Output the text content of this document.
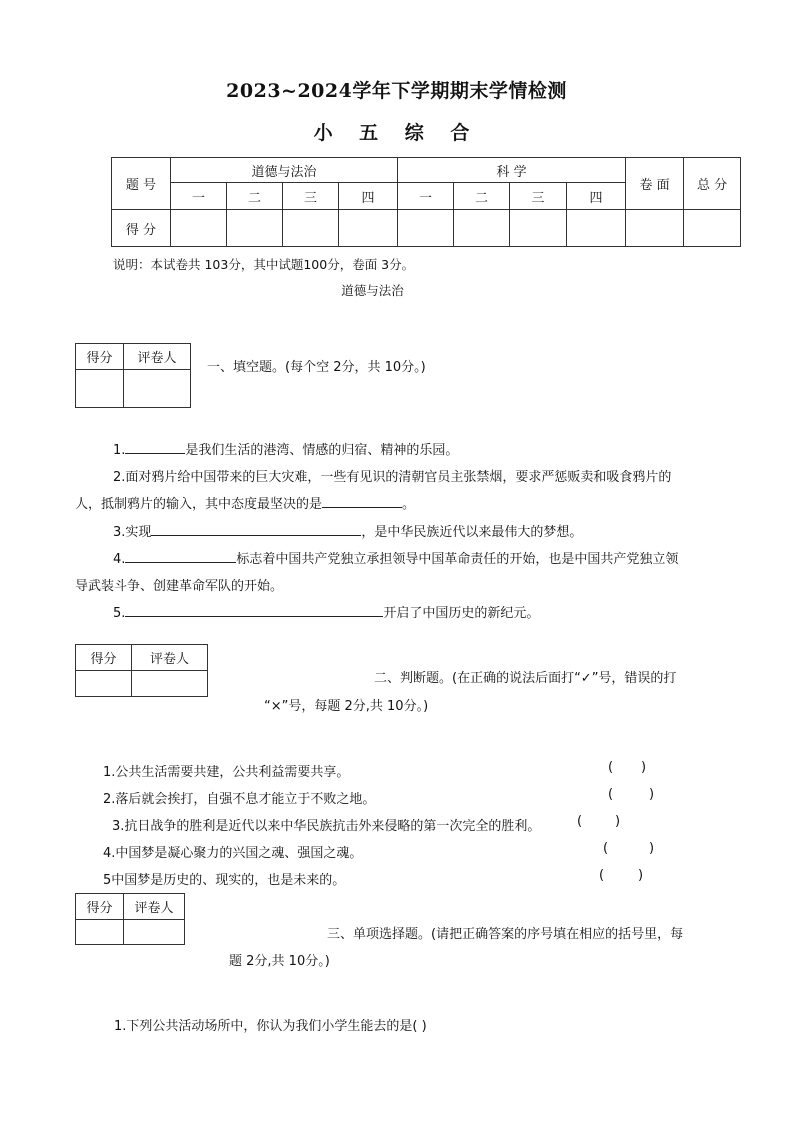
2023~2024学年下学期期末学情检测
小 五 综 合
题 号	道德与法治				科 学				卷 面	总 分
	一	二	三	四	一	二	三	四		
得 分										
说明：本试卷共 103分，其中试题100分，卷面 3分。
道德与法治
得分	评卷人

一、填空题。(每个空 2分，共 10分。)
1.	是我们生活的港湾、情感的归宿、精神的乐园。
2.面对鸦片给中国带来的巨大灾难，一些有见识的清朝官员主张禁烟，要求严惩贩卖和吸食鸦片的
人，抵制鸦片的输入，其中态度最坚决的是	。
3.实现	，是中华民族近代以来最伟大的梦想。
4.	标志着中国共产党独立承担领导中国革命责任的开始，也是中国共产党独立领
导武装斗争、创建革命军队的开始。
5.	开启了中国历史的新纪元。
得分	评卷人

二、判断题。(在正确的说法后面打“✓”号，错误的打
“×”号，每题 2分,共 10分。)
1.公共生活需要共建，公共利益需要共享。	( )
2.落后就会挨打，自强不息才能立于不败之地。	(	)
3.抗日战争的胜利是近代以来中华民族抗击外来侵略的第一次完全的胜利。	(	)
4.中国梦是凝心聚力的兴国之魂、强国之魂。	(	)
5中国梦是历史的、现实的，也是未来的。	(	)
得分	评卷人

三、单项选择题。(请把正确答案的序号填在相应的括号里，每
题 2分,共 10分。)
1.下列公共活动场所中，你认为我们小学生能去的是( )
